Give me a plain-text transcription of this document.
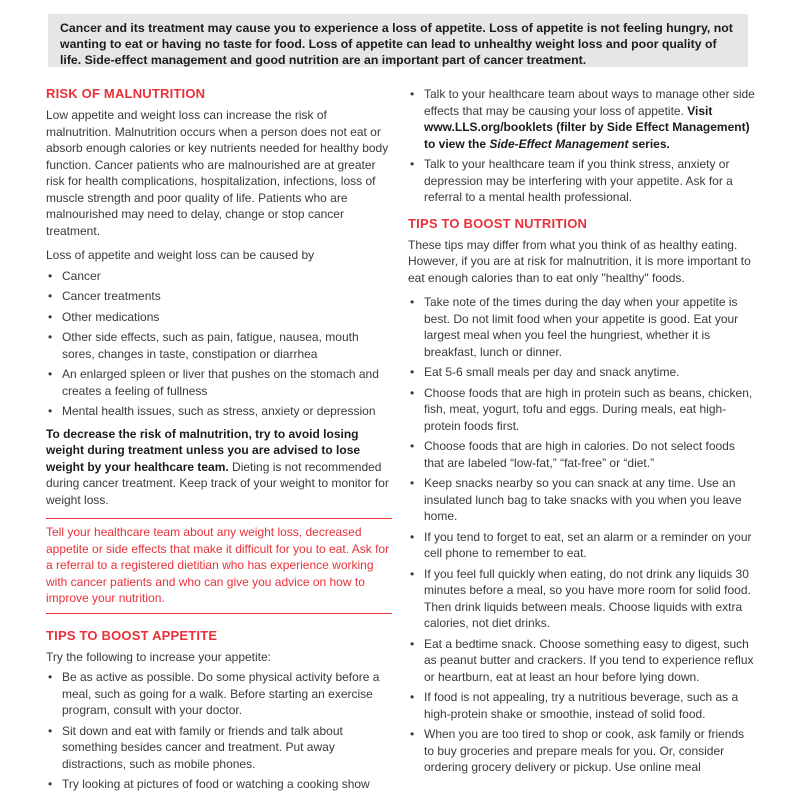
Cancer and its treatment may cause you to experience a loss of appetite. Loss of appetite is not feeling hungry, not wanting to eat or having no taste for food. Loss of appetite can lead to unhealthy weight loss and poor quality of life. Side-effect management and good nutrition are an important part of cancer treatment.
RISK OF MALNUTRITION

Low appetite and weight loss can increase the risk of malnutrition. Malnutrition occurs when a person does not eat or absorb enough calories or key nutrients needed for healthy body function. Cancer patients who are malnourished are at greater risk for health complications, hospitalization, infections, loss of muscle strength and poor quality of life. Patients who are malnourished may need to delay, change or stop cancer treatment.

Loss of appetite and weight loss can be caused by

• Cancer
• Cancer treatments
• Other medications
• Other side effects, such as pain, fatigue, nausea, mouth sores, changes in taste, constipation or diarrhea
• An enlarged spleen or liver that pushes on the stomach and creates a feeling of fullness
• Mental health issues, such as stress, anxiety or depression

To decrease the risk of malnutrition, try to avoid losing weight during treatment unless you are advised to lose weight by your healthcare team. Dieting is not recommended during cancer treatment. Keep track of your weight to monitor for weight loss.

Tell your healthcare team about any weight loss, decreased appetite or side effects that make it difficult for you to eat. Ask for a referral to a registered dietitian who has experience working with cancer patients and who can give you advice on how to improve your nutrition.
TIPS TO BOOST APPETITE

Try the following to increase your appetite:

• Be as active as possible. Do some physical activity before a meal, such as going for a walk. Before starting an exercise program, consult with your doctor.
• Sit down and eat with family or friends and talk about something besides cancer and treatment. Put away distractions, such as mobile phones.
• Try looking at pictures of food or watching a cooking show
• Talk to your healthcare team about ways to manage other side effects that may be causing your loss of appetite. Visit www.LLS.org/booklets (filter by Side Effect Management) to view the Side-Effect Management series.
• Talk to your healthcare team if you think stress, anxiety or depression may be interfering with your appetite. Ask for a referral to a mental health professional.
TIPS TO BOOST NUTRITION

These tips may differ from what you think of as healthy eating. However, if you are at risk for malnutrition, it is more important to eat enough calories than to eat only "healthy" foods.

• Take note of the times during the day when your appetite is best. Do not limit food when your appetite is good. Eat your largest meal when you feel the hungriest, whether it is breakfast, lunch or dinner.
• Eat 5-6 small meals per day and snack anytime.
• Choose foods that are high in protein such as beans, chicken, fish, meat, yogurt, tofu and eggs. During meals, eat high-protein foods first.
• Choose foods that are high in calories. Do not select foods that are labeled “low-fat,” “fat-free” or “diet.”
• Keep snacks nearby so you can snack at any time. Use an insulated lunch bag to take snacks with you when you leave home.
• If you tend to forget to eat, set an alarm or a reminder on your cell phone to remember to eat.
• If you feel full quickly when eating, do not drink any liquids 30 minutes before a meal, so you have more room for solid food. Then drink liquids between meals. Choose liquids with extra calories, not diet drinks.
• Eat a bedtime snack. Choose something easy to digest, such as peanut butter and crackers. If you tend to experience reflux or heartburn, eat at least an hour before lying down.
• If food is not appealing, try a nutritious beverage, such as a high-protein shake or smoothie, instead of solid food.
• When you are too tired to shop or cook, ask family or friends to buy groceries and prepare meals for you. Or, consider ordering grocery delivery or pickup. Use online meal
